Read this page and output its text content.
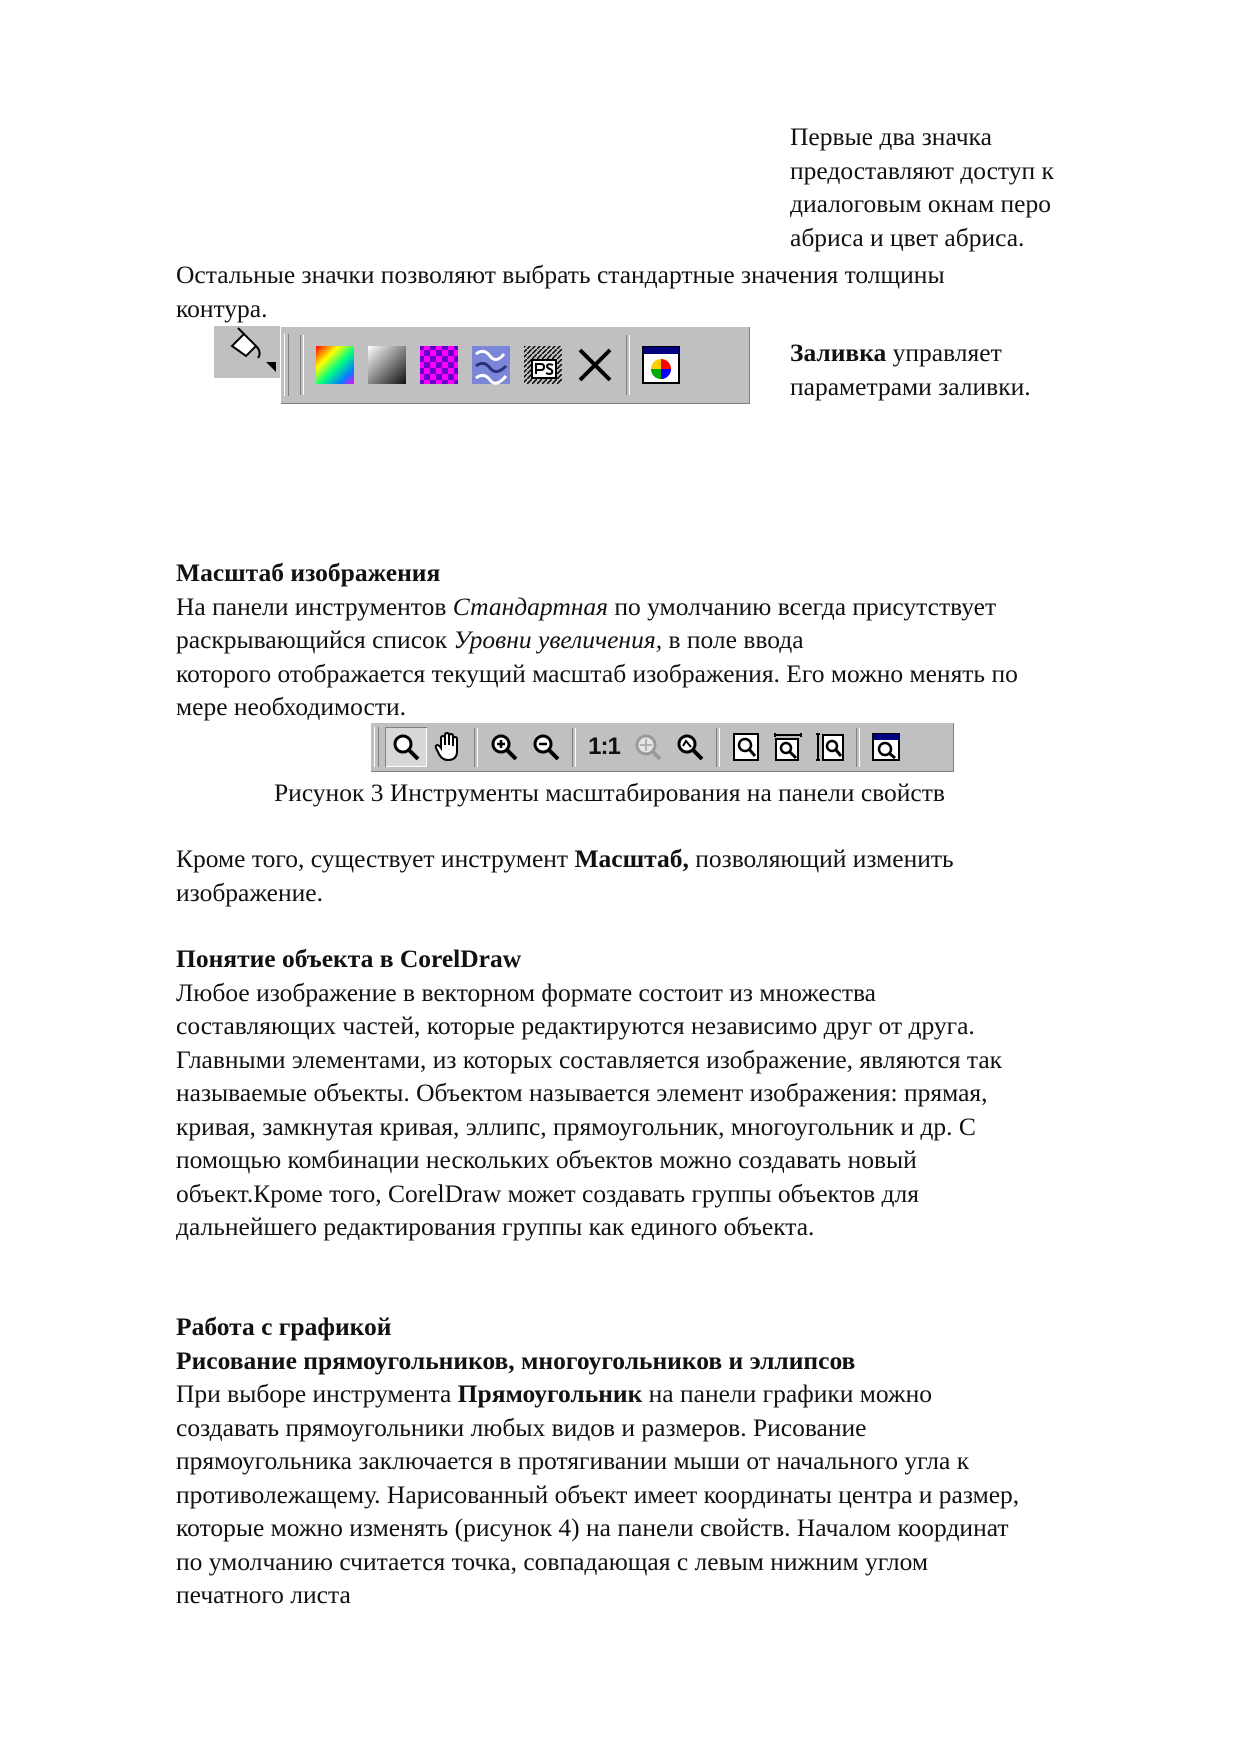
Первые два значка
предоставляют доступ к
диалоговым окнам перо
абриса и цвет абриса.
Остальные значки позволяют выбрать стандартные значения толщины
контура.
Заливка управляет
параметрами заливки.
Масштаб изображения
На панели инструментов Стандартная по умолчанию всегда присутствует
раскрывающийся список Уровни увеличения, в поле ввода
которого отображается текущий масштаб изображения. Его можно менять по
мере необходимости.
1:1
Рисунок 3 Инструменты масштабирования на панели свойств
Кроме того, существует инструмент Масштаб, позволяющий изменить
изображение.
Понятие объекта в CorelDraw
Любое изображение в векторном формате состоит из множества
составляющих частей, которые редактируются независимо друг от друга.
Главными элементами, из которых составляется изображение, являются так
называемые объекты. Объектом называется элемент изображения: прямая,
кривая, замкнутая кривая, эллипс, прямоугольник, многоугольник и др. С
помощью комбинации нескольких объектов можно создавать новый
объект.Кроме того, CorelDraw может создавать группы объектов для
дальнейшего редактирования группы как единого объекта.
Работа с графикой
Рисование прямоугольников, многоугольников и эллипсов
При выборе инструмента Прямоугольник на панели графики можно
создавать прямоугольники любых видов и размеров. Рисование
прямоугольника заключается в протягивании мыши от начального угла к
противолежащему. Нарисованный объект имеет координаты центра и размер,
которые можно изменять (рисунок 4) на панели свойств. Началом координат
по умолчанию считается точка, совпадающая с левым нижним углом
печатного листа
